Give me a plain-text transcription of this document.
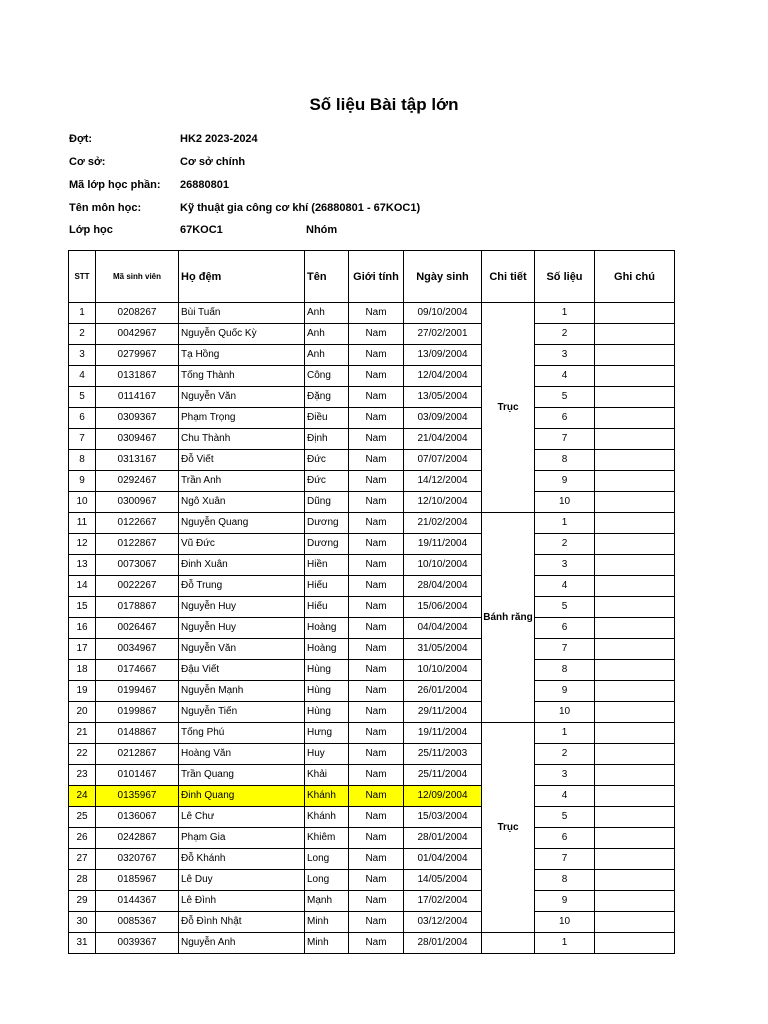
Số liệu Bài tập lớn
Đợt:	HK2 2023-2024
Cơ sở:	Cơ sở chính
Mã lớp học phần: 26880801
Tên môn học:	Kỹ thuật gia công cơ khí (26880801 - 67KOC1)
Lớp học	67KOC1	Nhóm
STT	Mã sinh viên	Họ đệm	Tên	Giới tính	Ngày sinh	Chi tiết	Số liệu	Ghi chú
1	0208267	Bùi Tuấn	Anh	Nam	09/10/2004	Trục	1	
2	0042967	Nguyễn Quốc Kỳ	Anh	Nam	27/02/2001		2	
3	0279967	Tạ Hồng	Anh	Nam	13/09/2004		3	
4	0131867	Tống Thành	Công	Nam	12/04/2004		4	
5	0114167	Nguyễn Văn	Đặng	Nam	13/05/2004		5	
6	0309367	Phạm Trọng	Điều	Nam	03/09/2004		6	
7	0309467	Chu Thành	Định	Nam	21/04/2004		7	
8	0313167	Đỗ Viết	Đức	Nam	07/07/2004		8	
9	0292467	Trần Anh	Đức	Nam	14/12/2004		9	
10	0300967	Ngô Xuân	Dũng	Nam	12/10/2004		10	
11	0122667	Nguyễn Quang	Dương	Nam	21/02/2004	Bánh răng	1	
12	0122867	Vũ Đức	Dương	Nam	19/11/2004		2	
13	0073067	Đinh Xuân	Hiền	Nam	10/10/2004		3	
14	0022267	Đỗ Trung	Hiếu	Nam	28/04/2004		4	
15	0178867	Nguyễn Huy	Hiếu	Nam	15/06/2004		5	
16	0026467	Nguyễn Huy	Hoàng	Nam	04/04/2004		6	
17	0034967	Nguyễn Văn	Hoàng	Nam	31/05/2004		7	
18	0174667	Đậu Viết	Hùng	Nam	10/10/2004		8	
19	0199467	Nguyễn Mạnh	Hùng	Nam	26/01/2004		9	
20	0199867	Nguyễn Tiến	Hùng	Nam	29/11/2004		10	
21	0148867	Tống Phú	Hưng	Nam	19/11/2004	Trục	1	
22	0212867	Hoàng Văn	Huy	Nam	25/11/2003		2	
23	0101467	Trần Quang	Khải	Nam	25/11/2004		3	
24	0135967	Đinh Quang	Khánh	Nam	12/09/2004		4	
25	0136067	Lê Chư	Khánh	Nam	15/03/2004		5	
26	0242867	Phạm Gia	Khiêm	Nam	28/01/2004		6	
27	0320767	Đỗ Khánh	Long	Nam	01/04/2004		7	
28	0185967	Lê Duy	Long	Nam	14/05/2004		8	
29	0144367	Lê Đình	Mạnh	Nam	17/02/2004		9	
30	0085367	Đỗ Đình Nhật	Minh	Nam	03/12/2004		10	
31	0039367	Nguyễn Anh	Minh	Nam	28/01/2004		1	
